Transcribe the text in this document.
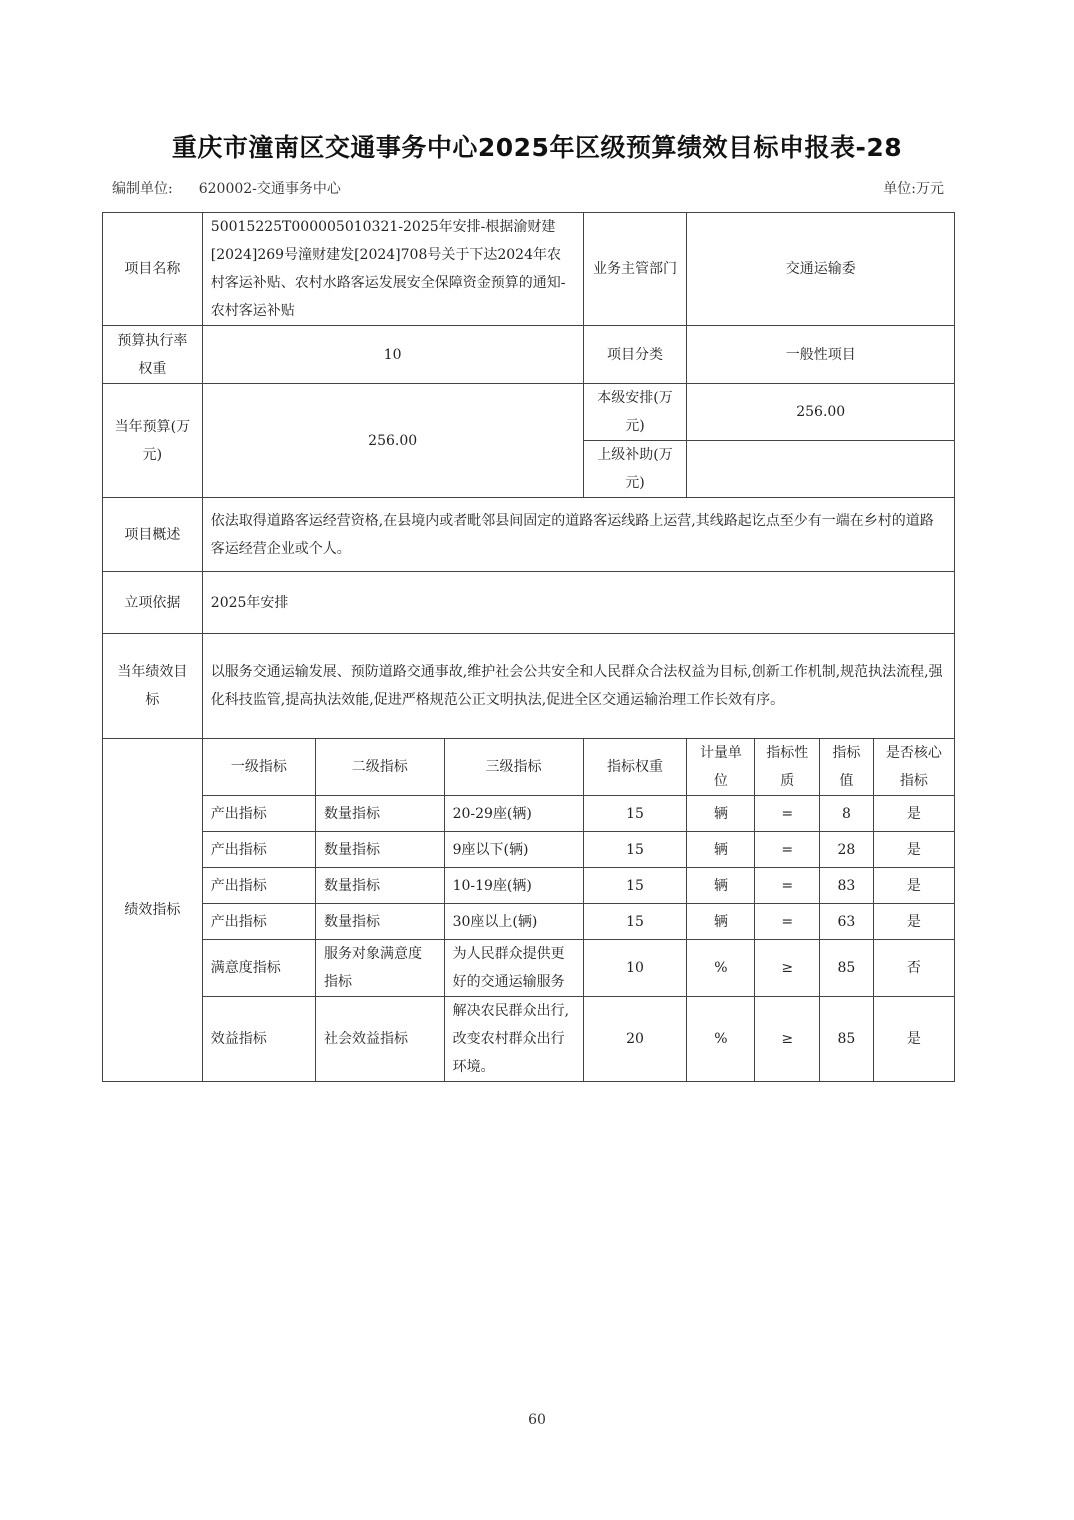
重庆市潼南区交通事务中心2025年区级预算绩效目标申报表-28
编制单位: 620002-交通事务中心	单位:万元
项目名称	50015225T000005010321-2025年安排-根据渝财建[2024]269号潼财建发[2024]708号关于下达2024年农村客运补贴、农村水路客运发展安全保障资金预算的通知-农村客运补贴			业务主管部门	交通运输委			
预算执行率权重	10			项目分类	一般性项目			
当年预算(万元)	256.00			本级安排(万元)	256.00			
				上级补助(万元)				
项目概述	依法取得道路客运经营资格,在县境内或者毗邻县间固定的道路客运线路上运营,其线路起讫点至少有一端在乡村的道路客运经营企业或个人。							
立项依据	2025年安排							
当年绩效目标	以服务交通运输发展、预防道路交通事故,维护社会公共安全和人民群众合法权益为目标,创新工作机制,规范执法流程,强化科技监管,提高执法效能,促进严格规范公正文明执法,促进全区交通运输治理工作长效有序。							
绩效指标	一级指标	二级指标	三级指标	指标权重	计量单位	指标性质	指标值	是否核心指标
	产出指标	数量指标	20-29座(辆)	15	辆	=	8	是
	产出指标	数量指标	9座以下(辆)	15	辆	=	28	是
	产出指标	数量指标	10-19座(辆)	15	辆	=	83	是
	产出指标	数量指标	30座以上(辆)	15	辆	=	63	是
	满意度指标	服务对象满意度指标	为人民群众提供更好的交通运输服务	10	%	≥	85	否
	效益指标	社会效益指标	解决农民群众出行,改变农村群众出行环境。	20	%	≥	85	是
60
